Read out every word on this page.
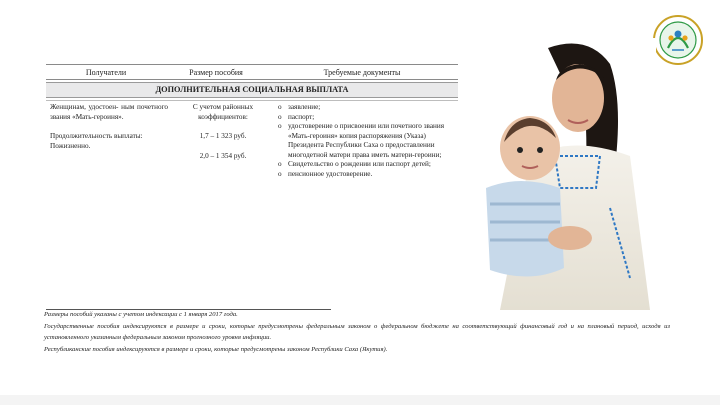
Получатели	Размер пособия	Требуемые документы
ДОПОЛНИТЕЛЬНАЯ СОЦИАЛЬНАЯ ВЫПЛАТА

Женщинам, удостоен- ным почетного звания «Мать-героиня».

Продолжительность выплаты: Пожизненно.

С учетом районных коэффициентов:

1,7 – 1 323 руб.

2,0 – 1 354 руб.

o заявление;
o паспорт;
o удостоверение о присвоении или почетного звания «Мать-героиня» копия распоряжения (Указа) Президента Республики Саха о предоставлении многодетной матери права иметь матери-героини;
o Свидетельство о рождении или паспорт детей;
o пенсионное удостоверение.

Размеры пособий указаны с учетом индексации с 1 января 2017 года.

Государственные пособия индексируются в размере и сроки, которые предусмотрены федеральным законом о федеральном бюджете на соответствующий финансовый год и на плановый период, исходя из установленного указанным федеральным законом прогнозного уровня инфляции.

Республиканские пособия индексируются в размере и сроки, которые предусмотрены законом Республики Саха (Якутия).
